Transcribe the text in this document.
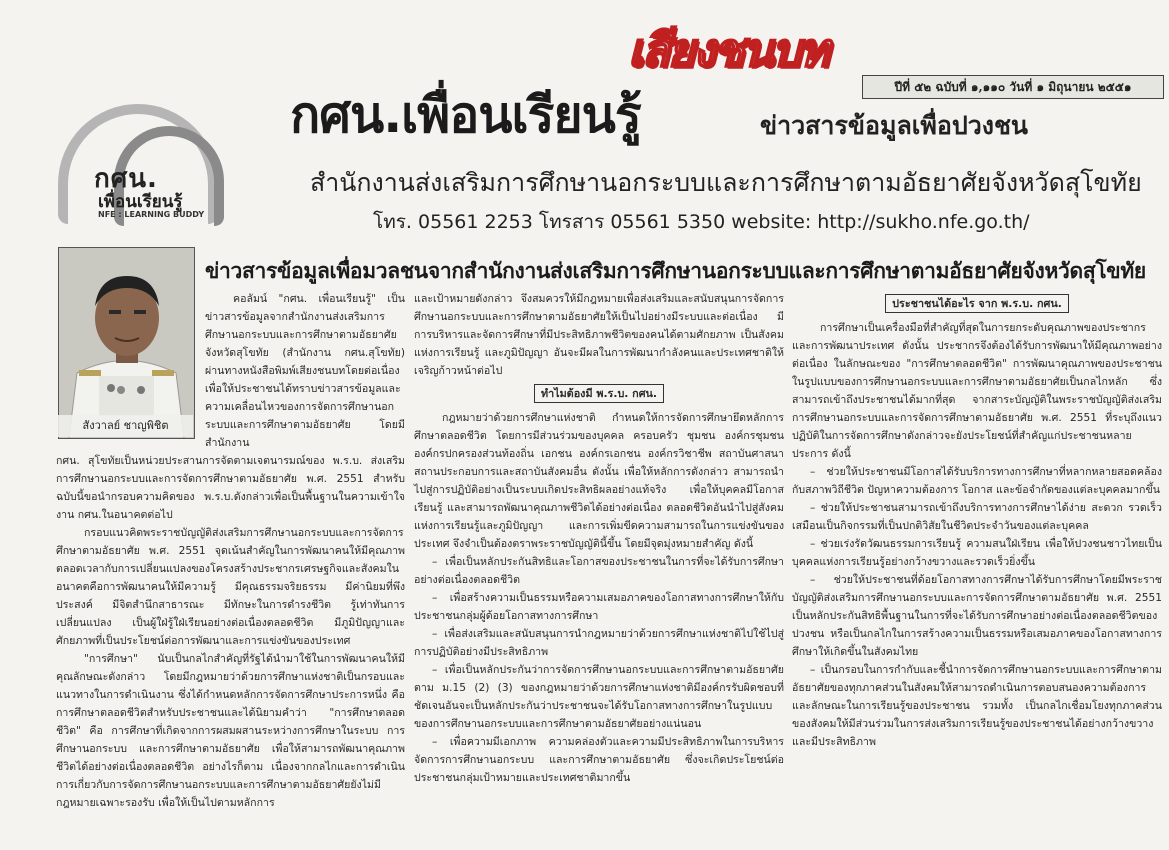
เสียงชนบท
ปีที่ ๕๒ ฉบับที่ ๑,๑๑๐ วันที่ ๑ มิถุนายน ๒๕๕๑
กศน.
เพื่อนเรียนรู้
NFE : LEARNING BUDDY
กศน.เพื่อนเรียนรู้	ข่าวสารข้อมูลเพื่อปวงชน
สำนักงานส่งเสริมการศึกษานอกระบบและการศึกษาตามอัธยาศัยจังหวัดสุโขทัย
โทร. 05561 2253 โทรสาร 05561 5350 website: http://sukho.nfe.go.th/
สังวาลย์ ชาญพิชิต
ข่าวสารข้อมูลเพื่อมวลชนจากสำนักงานส่งเสริมการศึกษานอกระบบและการศึกษาตามอัธยาศัยจังหวัดสุโขทัย

คอลัมน์ "กศน. เพื่อนเรียนรู้" เป็นข่าวสารข้อมูลจากสำนักงานส่งเสริมการศึกษานอกระบบและการศึกษาตามอัธยาศัยจังหวัดสุโขทัย (สำนักงาน กศน.สุโขทัย) ผ่านทางหนังสือพิมพ์เสียงชนบทโดยต่อเนื่อง เพื่อให้ประชาชนได้ทราบข่าวสารข้อมูลและความเคลื่อนไหวของการจัดการศึกษานอกระบบและการศึกษาตามอัธยาศัย โดยมีสำนักงาน

กศน. สุโขทัยเป็นหน่วยประสานการจัดตามเจตนารมณ์ของ พ.ร.บ. ส่งเสริมการศึกษานอกระบบและการจัดการศึกษาตามอัธยาศัย พ.ศ. 2551 สำหรับฉบับนี้ขอนำกรอบความคิดของ พ.ร.บ.ดังกล่าวเพื่อเป็นพื้นฐานในความเข้าใจงาน กศน.ในอนาคตต่อไป

กรอบแนวคิดพระราชบัญญัติส่งเสริมการศึกษานอกระบบและการจัดการศึกษาตามอัธยาศัย พ.ศ. 2551 จุดเน้นสำคัญในการพัฒนาคนให้มีคุณภาพตลอดเวลากับการเปลี่ยนแปลงของโครงสร้างประชากรเศรษฐกิจและสังคมในอนาคตคือการพัฒนาคนให้มีความรู้ มีคุณธรรมจริยธรรม มีค่านิยมที่พึงประสงค์ มีจิตสำนึกสาธารณะ มีทักษะในการดำรงชีวิต รู้เท่าทันการเปลี่ยนแปลง เป็นผู้ใฝ่รู้ใฝ่เรียนอย่างต่อเนื่องตลอดชีวิต มีภูมิปัญญาและศักยภาพที่เป็นประโยชน์ต่อการพัฒนาและการแข่งขันของประเทศ

"การศึกษา" นับเป็นกลไกสำคัญที่รัฐได้นำมาใช้ในการพัฒนาคนให้มีคุณลักษณะดังกล่าว โดยมีกฎหมายว่าด้วยการศึกษาแห่งชาติเป็นกรอบและแนวทางในการดำเนินงาน ซึ่งได้กำหนดหลักการจัดการศึกษาประการหนึ่ง คือการศึกษาตลอดชีวิตสำหรับประชาชนและได้นิยามคำว่า "การศึกษาตลอดชีวิต" คือ การศึกษาที่เกิดจากการผสมผสานระหว่างการศึกษาในระบบ การศึกษานอกระบบ และการศึกษาตามอัธยาศัย เพื่อให้สามารถพัฒนาคุณภาพชีวิตได้อย่างต่อเนื่องตลอดชีวิต อย่างไรก็ตาม เนื่องจากกลไกและการดำเนินการเกี่ยวกับการจัดการศึกษานอกระบบและการศึกษาตามอัธยาศัยยังไม่มีกฎหมายเฉพาะรองรับ เพื่อให้เป็นไปตามหลักการ

และเป้าหมายดังกล่าว จึงสมควรให้มีกฎหมายเพื่อส่งเสริมและสนับสนุนการจัดการศึกษานอกระบบและการศึกษาตามอัธยาศัยให้เป็นไปอย่างมีระบบและต่อเนื่อง มีการบริหารและจัดการศึกษาที่มีประสิทธิภาพชีวิตของคนได้ตามศักยภาพ เป็นสังคมแห่งการเรียนรู้ และภูมิปัญญา อันจะมีผลในการพัฒนากำลังคนและประเทศชาติให้เจริญก้าวหน้าต่อไป

ทำไมต้องมี พ.ร.บ. กศน.

กฎหมายว่าด้วยการศึกษาแห่งชาติ กำหนดให้การจัดการศึกษายึดหลักการศึกษาตลอดชีวิต โดยการมีส่วนร่วมของบุคคล ครอบครัว ชุมชน องค์กรชุมชน องค์กรปกครองส่วนท้องถิ่น เอกชน องค์กรเอกชน องค์กรวิชาชีพ สถาบันศาสนา สถานประกอบการและสถาบันสังคมอื่น ดังนั้น เพื่อให้หลักการดังกล่าว สามารถนำไปสู่การปฏิบัติอย่างเป็นระบบเกิดประสิทธิผลอย่างแท้จริง เพื่อให้บุคคลมีโอกาสเรียนรู้ และสามารถพัฒนาคุณภาพชีวิตได้อย่างต่อเนื่อง ตลอดชีวิตอันนำไปสู่สังคมแห่งการเรียนรู้และภูมิปัญญา และการเพิ่มขีดความสามารถในการแข่งขันของประเทศ จึงจำเป็นต้องตราพระราชบัญญัตินี้ขึ้น โดยมีจุดมุ่งหมายสำคัญ ดังนี้

– เพื่อเป็นหลักประกันสิทธิและโอกาสของประชาชนในการที่จะได้รับการศึกษาอย่างต่อเนื่องตลอดชีวิต

– เพื่อสร้างความเป็นธรรมหรือความเสมอภาคของโอกาสทางการศึกษาให้กับประชาชนกลุ่มผู้ด้อยโอกาสทางการศึกษา

– เพื่อส่งเสริมและสนับสนุนการนำกฎหมายว่าด้วยการศึกษาแห่งชาติไปใช้ไปสู่การปฏิบัติอย่างมีประสิทธิภาพ

– เพื่อเป็นหลักประกันว่าการจัดการศึกษานอกระบบและการศึกษาตามอัธยาศัย ตาม ม.15 (2) (3) ของกฎหมายว่าด้วยการศึกษาแห่งชาติมีองค์กรรับผิดชอบที่ชัดเจนอันจะเป็นหลักประกันว่าประชาชนจะได้รับโอกาสทางการศึกษาในรูปแบบของการศึกษานอกระบบและการศึกษาตามอัธยาศัยอย่างแน่นอน

– เพื่อความมีเอกภาพ ความคล่องตัวและความมีประสิทธิภาพในการบริหารจัดการการศึกษานอกระบบ และการศึกษาตามอัธยาศัย ซึ่งจะเกิดประโยชน์ต่อประชาชนกลุ่มเป้าหมายและประเทศชาติมากขึ้น

ประชาชนได้อะไร จาก พ.ร.บ. กศน.

การศึกษาเป็นเครื่องมือที่สำคัญที่สุดในการยกระดับคุณภาพของประชากรและการพัฒนาประเทศ ดังนั้น ประชากรจึงต้องได้รับการพัฒนาให้มีคุณภาพอย่างต่อเนื่อง ในลักษณะของ "การศึกษาตลอดชีวิต" การพัฒนาคุณภาพของประชาชนในรูปแบบของการศึกษานอกระบบและการศึกษาตามอัธยาศัยเป็นกลไกหลัก ซึ่งสามารถเข้าถึงประชาชนได้มากที่สุด จากสาระบัญญัติในพระราชบัญญัติส่งเสริมการศึกษานอกระบบและการจัดการศึกษาตามอัธยาศัย พ.ศ. 2551 ที่ระบุถึงแนวปฏิบัติในการจัดการศึกษาดังกล่าวจะยังประโยชน์ที่สำคัญแก่ประชาชนหลายประการ ดังนี้

– ช่วยให้ประชาชนมีโอกาสได้รับบริการทางการศึกษาที่หลากหลายสอดคล้องกับสภาพวิถีชีวิต ปัญหาความต้องการ โอกาส และข้อจำกัดของแต่ละบุคคลมากขึ้น

– ช่วยให้ประชาชนสามารถเข้าถึงบริการทางการศึกษาได้ง่าย สะดวก รวดเร็ว เสมือนเป็นกิจกรรมที่เป็นปกติวิสัยในชีวิตประจำวันของแต่ละบุคคล

– ช่วยเร่งรัดวัฒนธรรมการเรียนรู้ ความสนใฝ่เรียน เพื่อให้ปวงชนชาวไทยเป็นบุคคลแห่งการเรียนรู้อย่างกว้างขวางและรวดเร็วยิ่งขึ้น

– ช่วยให้ประชาชนที่ด้อยโอกาสทางการศึกษาได้รับการศึกษาโดยมีพระราชบัญญัติส่งเสริมการศึกษานอกระบบและการจัดการศึกษาตามอัธยาศัย พ.ศ. 2551 เป็นหลักประกันสิทธิพื้นฐานในการที่จะได้รับการศึกษาอย่างต่อเนื่องตลอดชีวิตของปวงชน หรือเป็นกลไกในการสร้างความเป็นธรรมหรือเสมอภาคของโอกาสทางการศึกษาให้เกิดขึ้นในสังคมไทย

– เป็นกรอบในการกำกับและชี้นำการจัดการศึกษานอกระบบและการศึกษาตามอัธยาศัยของทุกภาคส่วนในสังคมให้สามารถดำเนินการตอบสนองความต้องการและลักษณะในการเรียนรู้ของประชาชน รวมทั้ง เป็นกลไกเชื่อมโยงทุกภาคส่วนของสังคมให้มีส่วนร่วมในการส่งเสริมการเรียนรู้ของประชาชนได้อย่างกว้างขวางและมีประสิทธิภาพ
